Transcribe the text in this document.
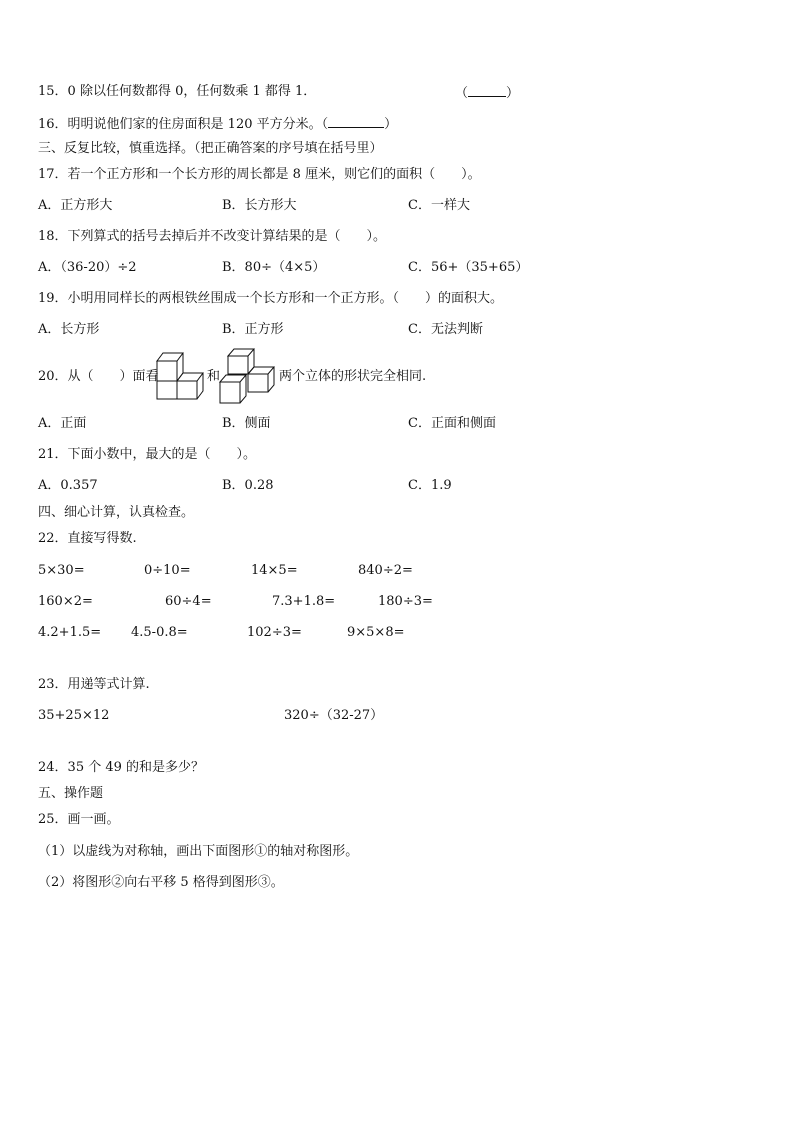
15．0 除以任何数都得 0，任何数乘 1 都得 1．	（	）
16．明明说他们家的住房面积是 120 平方分米。（	）
三、反复比较，慎重选择。（把正确答案的序号填在括号里）
17．若一个正方形和一个长方形的周长都是 8 厘米，则它们的面积（　　）。
A．正方形大	B．长方形大	C．一样大
18．下列算式的括号去掉后并不改变计算结果的是（　　）。
A．（36-20）÷2	B．80÷（4×5）	C．56+（35+65）
19．小明用同样长的两根铁丝围成一个长方形和一个正方形。（　　）的面积大。
A．长方形	B．正方形	C．无法判断
20．从（　　）面看	和	两个立体的形状完全相同.
A．正面	B．侧面	C．正面和侧面
21．下面小数中，最大的是（　　）。
A．0.357	B．0.28	C．1.9
四、细心计算，认真检查。
22．直接写得数.
5×30=	0÷10=	14×5=	840÷2=
160×2=	60÷4=	7.3+1.8=	180÷3=
4.2+1.5= 4.5-0.8=	102÷3=	9×5×8=
23．用递等式计算.
35+25×12	320÷（32-27）
24．35 个 49 的和是多少？
五、操作题
25．画一画。
（1）以虚线为对称轴，画出下面图形①的轴对称图形。
（2）将图形②向右平移 5 格得到图形③。
